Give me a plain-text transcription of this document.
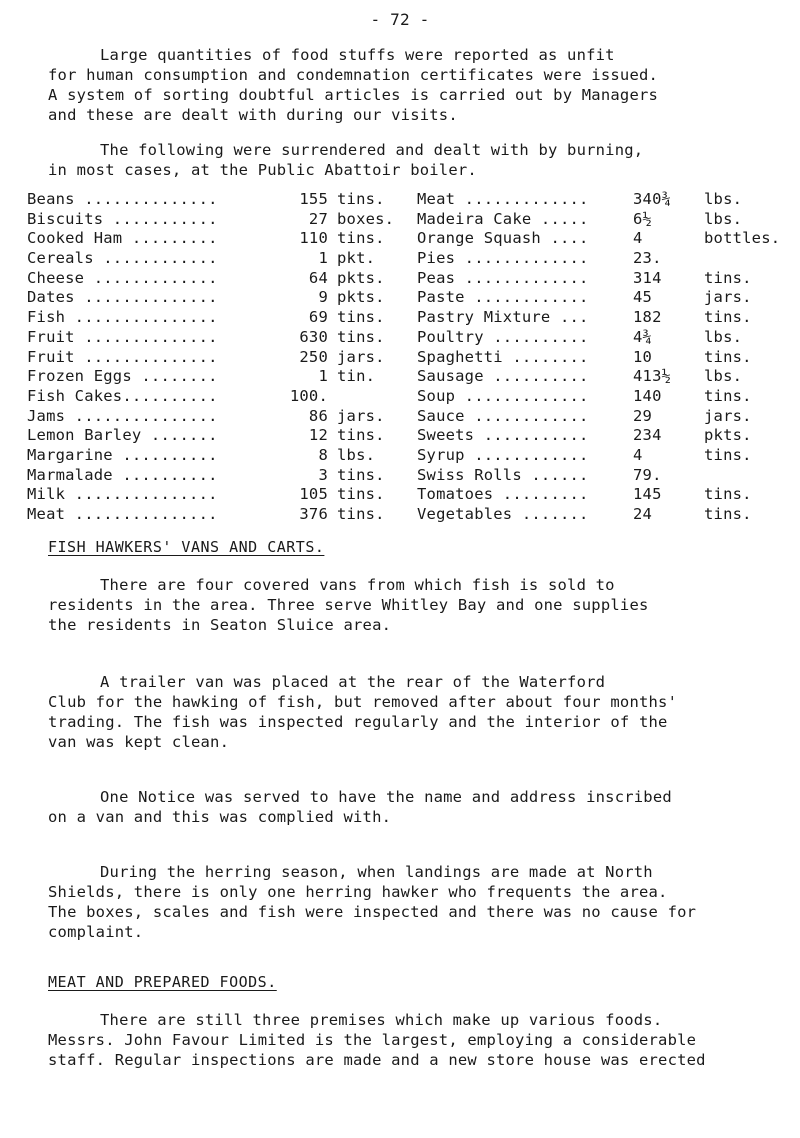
- 72 -

Large quantities of food stuffs were reported as unfit
for human consumption and condemnation certificates were issued.
A system of sorting doubtful articles is carried out by Managers
and these are dealt with during our visits.

The following were surrendered and dealt with by burning,
in most cases, at the Public Abattoir boiler.

Beans ..............	155 tins. Meat .............	340¾	lbs.
Biscuits ...........	27 boxes. Madeira Cake .....	6½	lbs.
Cooked Ham .........	110 tins. Orange Squash ....	4	bottles.
Cereals ............	1 pkt.	Pies .............	23.
Cheese .............	64 pkts. Peas .............	314	tins.
Dates ..............	9 pkts. Paste ............	45	jars.
Fish ...............	69 tins. Pastry Mixture ...	182	tins.
Fruit ..............	630 tins. Poultry ..........	4¾	lbs.
Fruit ..............	250 jars. Spaghetti ........	10	tins.
Frozen Eggs ........	1 tin.	Sausage ..........	413½	lbs.
Fish Cakes..........	100.	Soup .............	140	tins.
Jams ...............	86 jars. Sauce ............	29	jars.
Lemon Barley .......	12 tins. Sweets ...........	234	pkts.
Margarine ..........	8 lbs.	Syrup ............	4	tins.
Marmalade ..........	3 tins. Swiss Rolls ......	79.
Milk ...............	105 tins. Tomatoes .........	145	tins.
Meat ...............	376 tins. Vegetables .......	24	tins.
FISH HAWKERS' VANS AND CARTS.

There are four covered vans from which fish is sold to
residents in the area. Three serve Whitley Bay and one supplies
the residents in Seaton Sluice area.

A trailer van was placed at the rear of the Waterford
Club for the hawking of fish, but removed after about four months'
trading. The fish was inspected regularly and the interior of the
van was kept clean.

One Notice was served to have the name and address inscribed
on a van and this was complied with.

During the herring season, when landings are made at North
Shields, there is only one herring hawker who frequents the area.
The boxes, scales and fish were inspected and there was no cause for
complaint.

MEAT AND PREPARED FOODS.

There are still three premises which make up various foods.
Messrs. John Favour Limited is the largest, employing a considerable
staff. Regular inspections are made and a new store house was erected
